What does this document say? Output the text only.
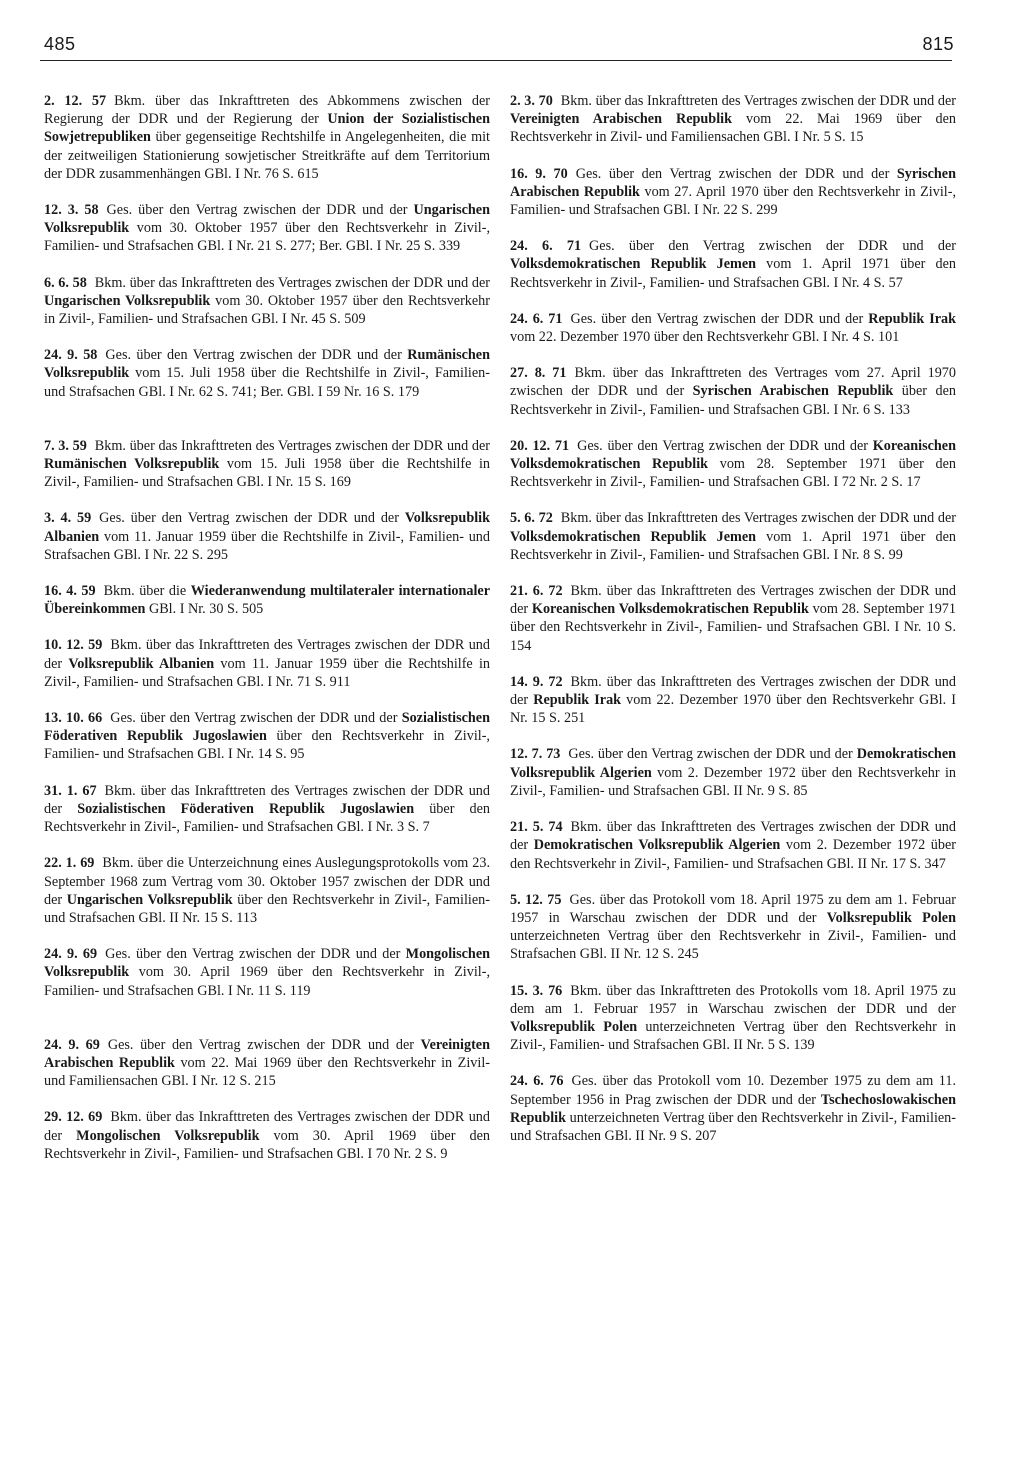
485	815

2. 12. 57 Bkm. über das Inkrafttreten des Abkommens zwischen der Regierung der DDR und der Regierung der Union der Sozialistischen Sowjetrepubliken über gegenseitige Rechtshilfe in Angelegenheiten, die mit der zeitweiligen Stationierung sowjetischer Streitkräfte auf dem Territorium der DDR zusammenhängen GBl. I Nr. 76 S. 615

12. 3. 58 Ges. über den Vertrag zwischen der DDR und der Ungarischen Volksrepublik vom 30. Oktober 1957 über den Rechtsverkehr in Zivil-, Familien- und Strafsachen GBl. I Nr. 21 S. 277; Ber. GBl. I Nr. 25 S. 339

6. 6. 58 Bkm. über das Inkrafttreten des Vertrages zwischen der DDR und der Ungarischen Volksrepublik vom 30. Oktober 1957 über den Rechtsverkehr in Zivil-, Familien- und Strafsachen GBl. I Nr. 45 S. 509

24. 9. 58 Ges. über den Vertrag zwischen der DDR und der Rumänischen Volksrepublik vom 15. Juli 1958 über die Rechtshilfe in Zivil-, Familien- und Strafsachen GBl. I Nr. 62 S. 741; Ber. GBl. I 59 Nr. 16 S. 179

7. 3. 59 Bkm. über das Inkrafttreten des Vertrages zwischen der DDR und der Rumänischen Volksrepublik vom 15. Juli 1958 über die Rechtshilfe in Zivil-, Familien- und Strafsachen GBl. I Nr. 15 S. 169

3. 4. 59 Ges. über den Vertrag zwischen der DDR und der Volksrepublik Albanien vom 11. Januar 1959 über die Rechtshilfe in Zivil-, Familien- und Strafsachen GBl. I Nr. 22 S. 295

16. 4. 59 Bkm. über die Wiederanwendung multilateraler internationaler Übereinkommen GBl. I Nr. 30 S. 505

10. 12. 59 Bkm. über das Inkrafttreten des Vertrages zwischen der DDR und der Volksrepublik Albanien vom 11. Januar 1959 über die Rechtshilfe in Zivil-, Familien- und Strafsachen GBl. I Nr. 71 S. 911

13. 10. 66 Ges. über den Vertrag zwischen der DDR und der Sozialistischen Föderativen Republik Jugoslawien über den Rechtsverkehr in Zivil-, Familien- und Strafsachen GBl. I Nr. 14 S. 95

31. 1. 67 Bkm. über das Inkrafttreten des Vertrages zwischen der DDR und der Sozialistischen Föderativen Republik Jugoslawien über den Rechtsverkehr in Zivil-, Familien- und Strafsachen GBl. I Nr. 3 S. 7

22. 1. 69 Bkm. über die Unterzeichnung eines Auslegungsprotokolls vom 23. September 1968 zum Vertrag vom 30. Oktober 1957 zwischen der DDR und der Ungarischen Volksrepublik über den Rechtsverkehr in Zivil-, Familien- und Strafsachen GBl. II Nr. 15 S. 113

24. 9. 69 Ges. über den Vertrag zwischen der DDR und der Mongolischen Volksrepublik vom 30. April 1969 über den Rechtsverkehr in Zivil-, Familien- und Strafsachen GBl. I Nr. 11 S. 119

24. 9. 69 Ges. über den Vertrag zwischen der DDR und der Vereinigten Arabischen Republik vom 22. Mai 1969 über den Rechtsverkehr in Zivil- und Familiensachen GBl. I Nr. 12 S. 215

29. 12. 69 Bkm. über das Inkrafttreten des Vertrages zwischen der DDR und der Mongolischen Volksrepublik vom 30. April 1969 über den Rechtsverkehr in Zivil-, Familien- und Strafsachen GBl. I 70 Nr. 2 S. 9

2. 3. 70 Bkm. über das Inkrafttreten des Vertrages zwischen der DDR und der Vereinigten Arabischen Republik vom 22. Mai 1969 über den Rechtsverkehr in Zivil- und Familiensachen GBl. I Nr. 5 S. 15

16. 9. 70 Ges. über den Vertrag zwischen der DDR und der Syrischen Arabischen Republik vom 27. April 1970 über den Rechtsverkehr in Zivil-, Familien- und Strafsachen GBl. I Nr. 22 S. 299

24. 6. 71 Ges. über den Vertrag zwischen der DDR und der Volksdemokratischen Republik Jemen vom 1. April 1971 über den Rechtsverkehr in Zivil-, Familien- und Strafsachen GBl. I Nr. 4 S. 57

24. 6. 71 Ges. über den Vertrag zwischen der DDR und der Republik Irak vom 22. Dezember 1970 über den Rechtsverkehr GBl. I Nr. 4 S. 101

27. 8. 71 Bkm. über das Inkrafttreten des Vertrages vom 27. April 1970 zwischen der DDR und der Syrischen Arabischen Republik über den Rechtsverkehr in Zivil-, Familien- und Strafsachen GBl. I Nr. 6 S. 133

20. 12. 71 Ges. über den Vertrag zwischen der DDR und der Koreanischen Volksdemokratischen Republik vom 28. September 1971 über den Rechtsverkehr in Zivil-, Familien- und Strafsachen GBl. I 72 Nr. 2 S. 17

5. 6. 72 Bkm. über das Inkrafttreten des Vertrages zwischen der DDR und der Volksdemokratischen Republik Jemen vom 1. April 1971 über den Rechtsverkehr in Zivil-, Familien- und Strafsachen GBl. I Nr. 8 S. 99

21. 6. 72 Bkm. über das Inkrafttreten des Vertrages zwischen der DDR und der Koreanischen Volksdemokratischen Republik vom 28. September 1971 über den Rechtsverkehr in Zivil-, Familien- und Strafsachen GBl. I Nr. 10 S. 154

14. 9. 72 Bkm. über das Inkrafttreten des Vertrages zwischen der DDR und der Republik Irak vom 22. Dezember 1970 über den Rechtsverkehr GBl. I Nr. 15 S. 251

12. 7. 73 Ges. über den Vertrag zwischen der DDR und der Demokratischen Volksrepublik Algerien vom 2. Dezember 1972 über den Rechtsverkehr in Zivil-, Familien- und Strafsachen GBl. II Nr. 9 S. 85

21. 5. 74 Bkm. über das Inkrafttreten des Vertrages zwischen der DDR und der Demokratischen Volksrepublik Algerien vom 2. Dezember 1972 über den Rechtsverkehr in Zivil-, Familien- und Strafsachen GBl. II Nr. 17 S. 347

5. 12. 75 Ges. über das Protokoll vom 18. April 1975 zu dem am 1. Februar 1957 in Warschau zwischen der DDR und der Volksrepublik Polen unterzeichneten Vertrag über den Rechtsverkehr in Zivil-, Familien- und Strafsachen GBl. II Nr. 12 S. 245

15. 3. 76 Bkm. über das Inkrafttreten des Protokolls vom 18. April 1975 zu dem am 1. Februar 1957 in Warschau zwischen der DDR und der Volksrepublik Polen unterzeichneten Vertrag über den Rechtsverkehr in Zivil-, Familien- und Strafsachen GBl. II Nr. 5 S. 139

24. 6. 76 Ges. über das Protokoll vom 10. Dezember 1975 zu dem am 11. September 1956 in Prag zwischen der DDR und der Tschechoslowakischen Republik unterzeichneten Vertrag über den Rechtsverkehr in Zivil-, Familien- und Strafsachen GBl. II Nr. 9 S. 207
